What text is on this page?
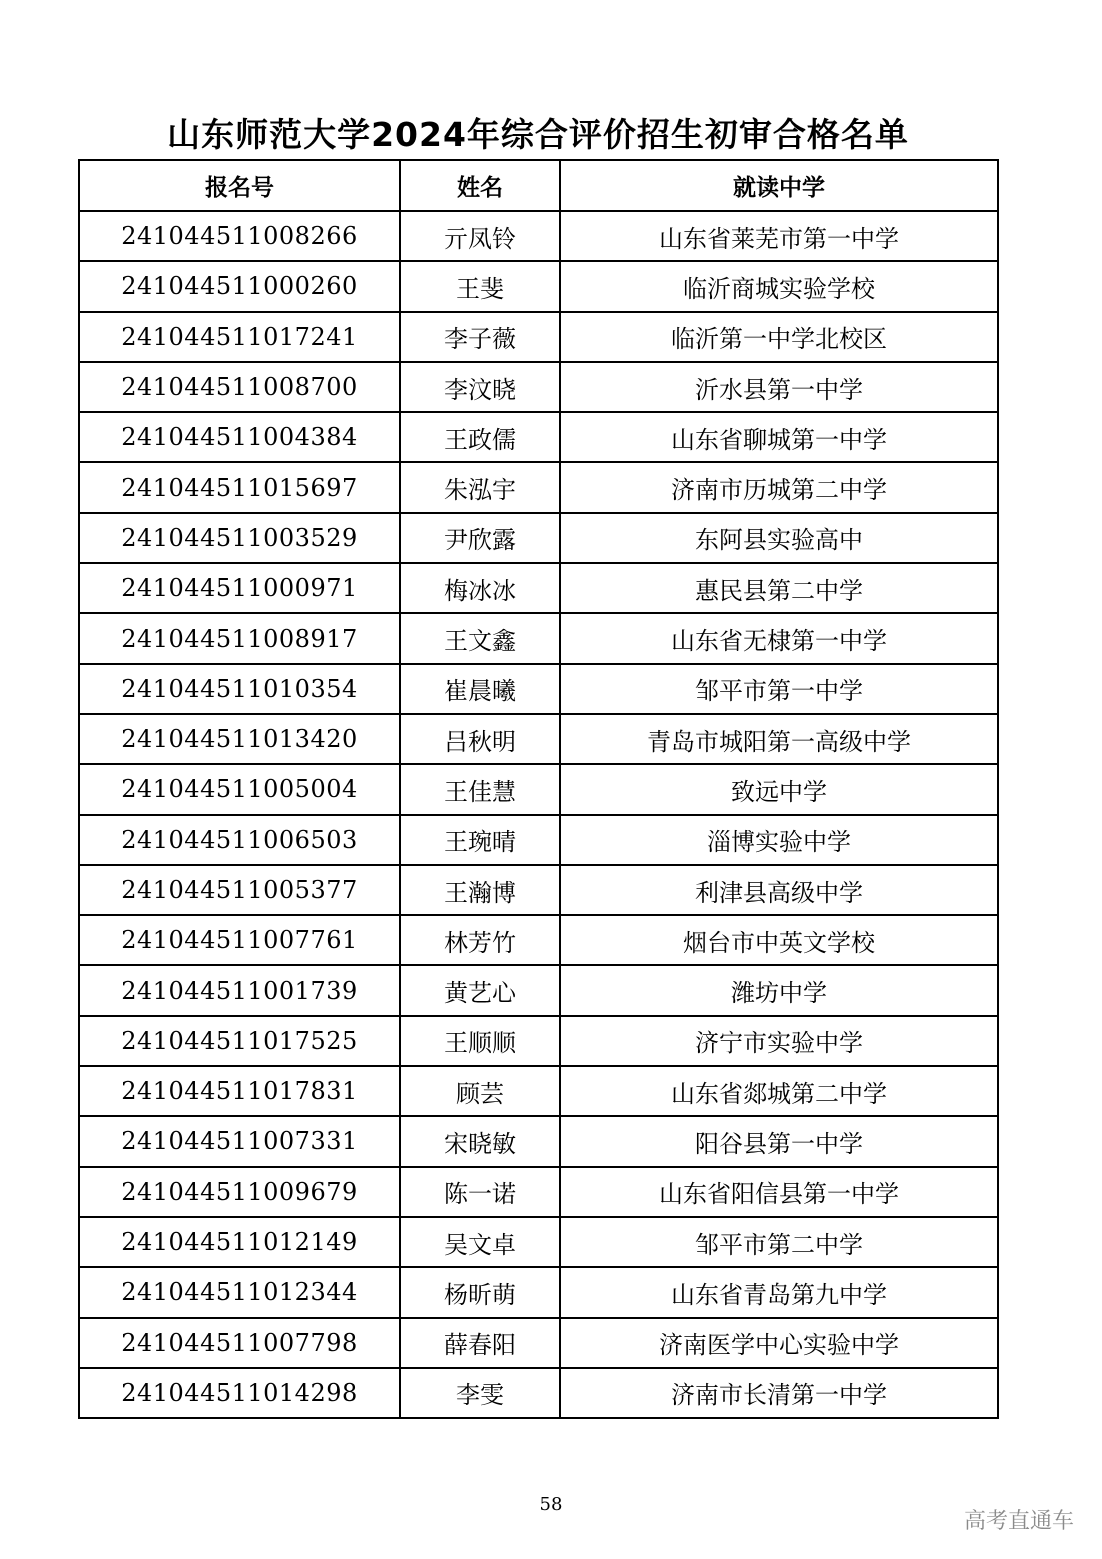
山东师范大学2024年综合评价招生初审合格名单
报名号	姓名	就读中学
241044511008266	亓凤铃	山东省莱芜市第一中学
241044511000260	王斐	临沂商城实验学校
241044511017241	李子薇	临沂第一中学北校区
241044511008700	李汶晓	沂水县第一中学
241044511004384	王政儒	山东省聊城第一中学
241044511015697	朱泓宇	济南市历城第二中学
241044511003529	尹欣露	东阿县实验高中
241044511000971	梅冰冰	惠民县第二中学
241044511008917	王文鑫	山东省无棣第一中学
241044511010354	崔晨曦	邹平市第一中学
241044511013420	吕秋明	青岛市城阳第一高级中学
241044511005004	王佳慧	致远中学
241044511006503	王琬晴	淄博实验中学
241044511005377	王瀚博	利津县高级中学
241044511007761	林芳竹	烟台市中英文学校
241044511001739	黄艺心	潍坊中学
241044511017525	王顺顺	济宁市实验中学
241044511017831	顾芸	山东省郯城第二中学
241044511007331	宋晓敏	阳谷县第一中学
241044511009679	陈一诺	山东省阳信县第一中学
241044511012149	吴文卓	邹平市第二中学
241044511012344	杨昕萌	山东省青岛第九中学
241044511007798	薛春阳	济南医学中心实验中学
241044511014298	李雯	济南市长清第一中学
58
高考直通车
